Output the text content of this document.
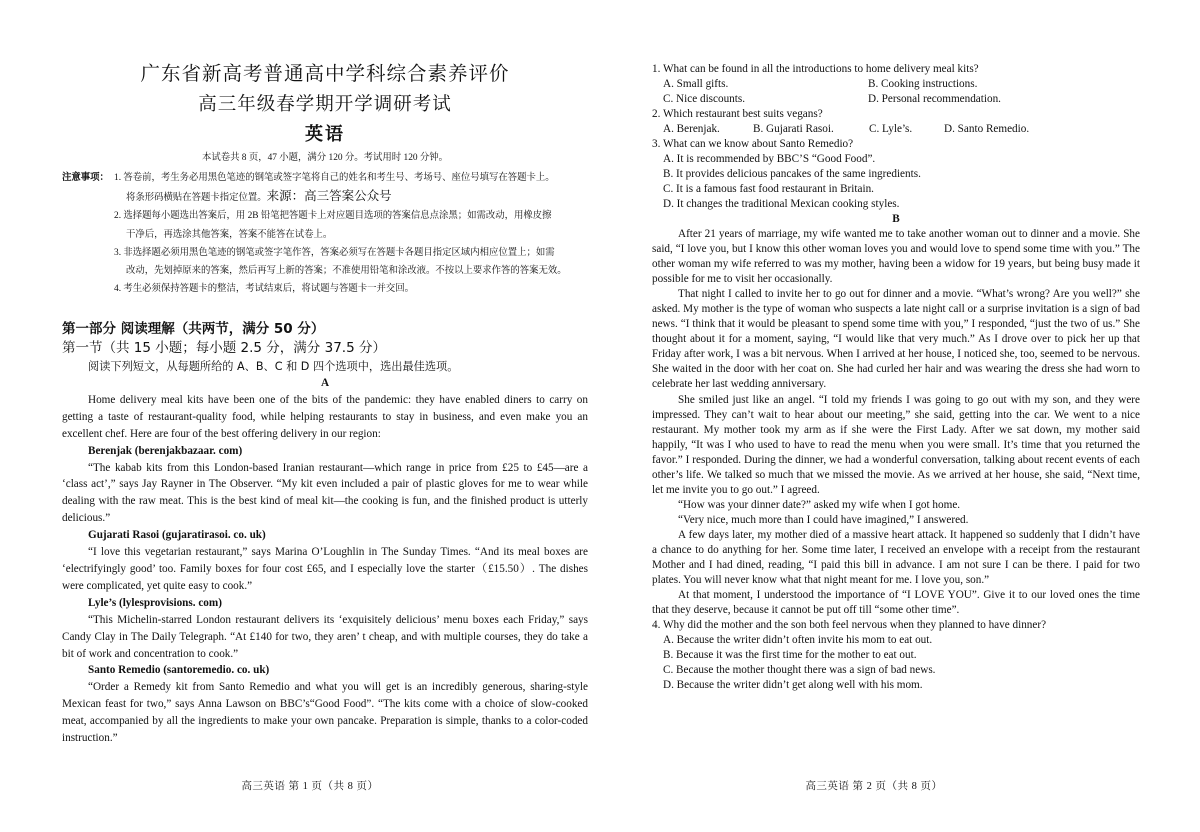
广东省新高考普通高中学科综合素养评价
高三年级春学期开学调研考试
英语
本试卷共 8 页，47 小题，满分 120 分。考试用时 120 分钟。
注意事项： 1. 答卷前，考生务必用黑色笔迹的钢笔或签字笔将自己的姓名和考生号、考场号、座位号填写在答题卡上。
将条形码横贴在答题卡指定位置。来源：高三答案公众号
2. 选择题每小题选出答案后，用 2B 铅笔把答题卡上对应题目选项的答案信息点涂黑；如需改动，用橡皮擦
干净后，再选涂其他答案，答案不能答在试卷上。
3. 非选择题必须用黑色笔迹的钢笔或签字笔作答，答案必须写在答题卡各题目指定区域内相应位置上；如需
改动，先划掉原来的答案，然后再写上新的答案；不准使用铅笔和涂改液。不按以上要求作答的答案无效。
4. 考生必须保持答题卡的整洁，考试结束后，将试题与答题卡一并交回。
第一部分 阅读理解（共两节，满分 50 分）
第一节（共 15 小题；每小题 2.5 分，满分 37.5 分）
阅读下列短文，从每题所给的 A、B、C 和 D 四个选项中，选出最佳选项。
A

Home delivery meal kits have been one of the bits of the pandemic: they have enabled diners to carry on getting a taste of restaurant-quality food, while helping restaurants to stay in business, and even make you an excellent chef. Here are four of the best offering delivery in our region:

Berenjak (berenjakbazaar. com)

“The kabab kits from this London-based Iranian restaurant—which range in price from £25 to £45—are a ‘class act’,” says Jay Rayner in The Observer. “My kit even included a pair of plastic gloves for me to wear while dealing with the raw meat. This is the best kind of meal kit—the cooking is fun, and the finished product is utterly delicious.”

Gujarati Rasoi (gujaratirasoi. co. uk)

“I love this vegetarian restaurant,” says Marina O’Loughlin in The Sunday Times. “And its meal boxes are ‘electrifyingly good’ too. Family boxes for four cost £65, and I especially love the starter（£15.50）. The dishes were complicated, yet quite easy to cook.”

Lyle’s (lylesprovisions. com)

“This Michelin-starred London restaurant delivers its ‘exquisitely delicious’ menu boxes each Friday,” says Candy Clay in The Daily Telegraph. “At £140 for two, they aren’ t cheap, and with multiple courses, they do take a bit of work and concentration to cook.”

Santo Remedio (santoremedio. co. uk)

“Order a Remedy kit from Santo Remedio and what you will get is an incredibly generous, sharing-style Mexican feast for two,” says Anna Lawson on BBC’s“Good Food”. “The kits come with a choice of slow-cooked meat, accompanied by all the ingredients to make your own pancake. Preparation is simple, thanks to a color-coded instruction.”

高三英语 第 1 页（共 8 页）

1. What can be found in all the introductions to home delivery meal kits?

A. Small gifts.	B. Cooking instructions.
C. Nice discounts.	D. Personal recommendation.

2. Which restaurant best suits vegans?

A. Berenjak.	B. Gujarati Rasoi.	C. Lyle’s.	D. Santo Remedio.

3. What can we know about Santo Remedio?

A. It is recommended by BBC’S “Good Food”.

B. It provides delicious pancakes of the same ingredients.

C. It is a famous fast food restaurant in Britain.

D. It changes the traditional Mexican cooking styles.

B

After 21 years of marriage, my wife wanted me to take another woman out to dinner and a movie. She said, “I love you, but I know this other woman loves you and would love to spend some time with you.” The other woman my wife referred to was my mother, having been a widow for 19 years, but being busy made it possible for me to visit her occasionally.

That night I called to invite her to go out for dinner and a movie. “What’s wrong? Are you well?” she asked. My mother is the type of woman who suspects a late night call or a surprise invitation is a sign of bad news. “I think that it would be pleasant to spend some time with you,” I responded, “just the two of us.” She thought about it for a moment, saying, “I would like that very much.” As I drove over to pick her up that Friday after work, I was a bit nervous. When I arrived at her house, I noticed she, too, seemed to be nervous. She waited in the door with her coat on. She had curled her hair and was wearing the dress she had worn to celebrate her last wedding anniversary.

She smiled just like an angel. “I told my friends I was going to go out with my son, and they were impressed. They can’t wait to hear about our meeting,” she said, getting into the car. We went to a nice restaurant. My mother took my arm as if she were the First Lady. After we sat down, my mother said happily, “It was I who used to have to read the menu when you were small. It’s time that you returned the favor.” I responded. During the dinner, we had a wonderful conversation, talking about recent events of each other’s life. We talked so much that we missed the movie. As we arrived at her house, she said, “Next time, let me invite you to go out.” I agreed.

“How was your dinner date?” asked my wife when I got home.

“Very nice, much more than I could have imagined,” I answered.

A few days later, my mother died of a massive heart attack. It happened so suddenly that I didn’t have a chance to do anything for her. Some time later, I received an envelope with a receipt from the restaurant Mother and I had dined, reading, “I paid this bill in advance. I am not sure I can be there. I paid for two plates. You will never know what that night meant for me. I love you, son.”

At that moment, I understood the importance of “I LOVE YOU”. Give it to our loved ones the time that they deserve, because it cannot be put off till “some other time”.

4. Why did the mother and the son both feel nervous when they planned to have dinner?

A. Because the writer didn’t often invite his mom to eat out.

B. Because it was the first time for the mother to eat out.

C. Because the mother thought there was a sign of bad news.

D. Because the writer didn’t get along well with his mom.

高三英语 第 2 页（共 8 页）
